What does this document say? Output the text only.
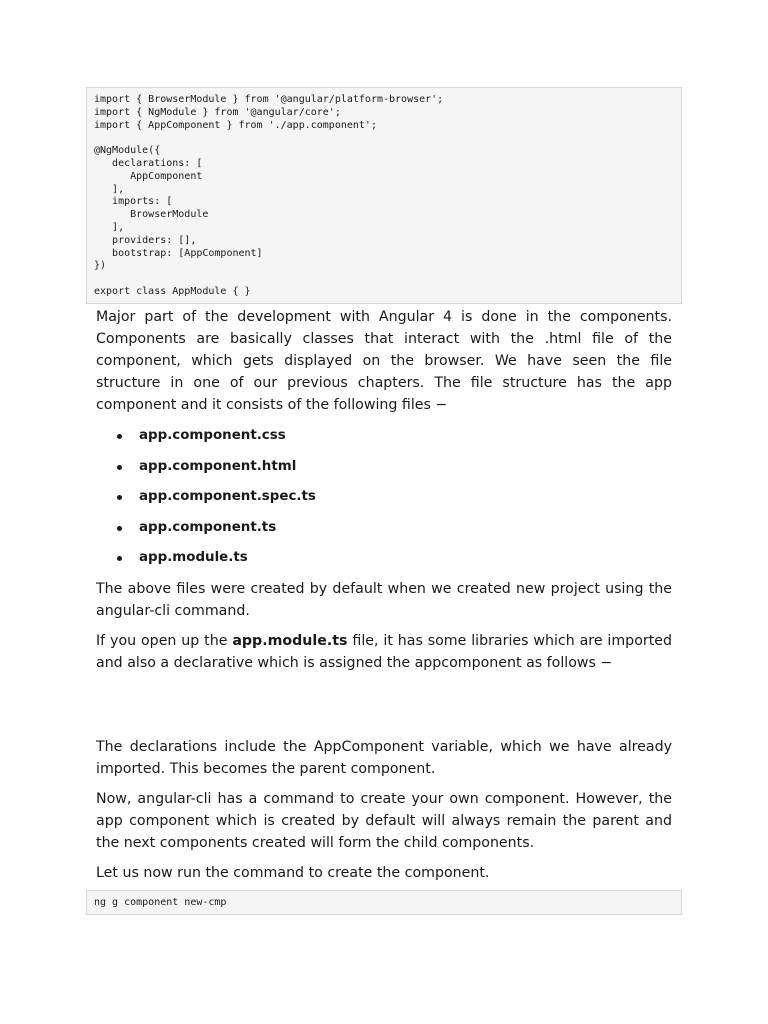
import { BrowserModule } from '@angular/platform-browser';
import { NgModule } from '@angular/core';
import { AppComponent } from './app.component';
@NgModule({
declarations: [
AppComponent
],
imports: [
BrowserModule
],
providers: [],
bootstrap: [AppComponent]
})
export class AppModule { }

Major part of the development with Angular 4 is done in the components. Components are basically classes that interact with the .html file of the component, which gets displayed on the browser. We have seen the file structure in one of our previous chapters. The file structure has the app component and it consists of the following files −

app.component.css
app.component.html
app.component.spec.ts
app.component.ts
app.module.ts

The above files were created by default when we created new project using the angular-cli command.

If you open up the app.module.ts file, it has some libraries which are imported and also a declarative which is assigned the appcomponent as follows −

The declarations include the AppComponent variable, which we have already imported. This becomes the parent component.

Now, angular-cli has a command to create your own component. However, the app component which is created by default will always remain the parent and the next components created will form the child components.

Let us now run the command to create the component.

ng g component new-cmp
